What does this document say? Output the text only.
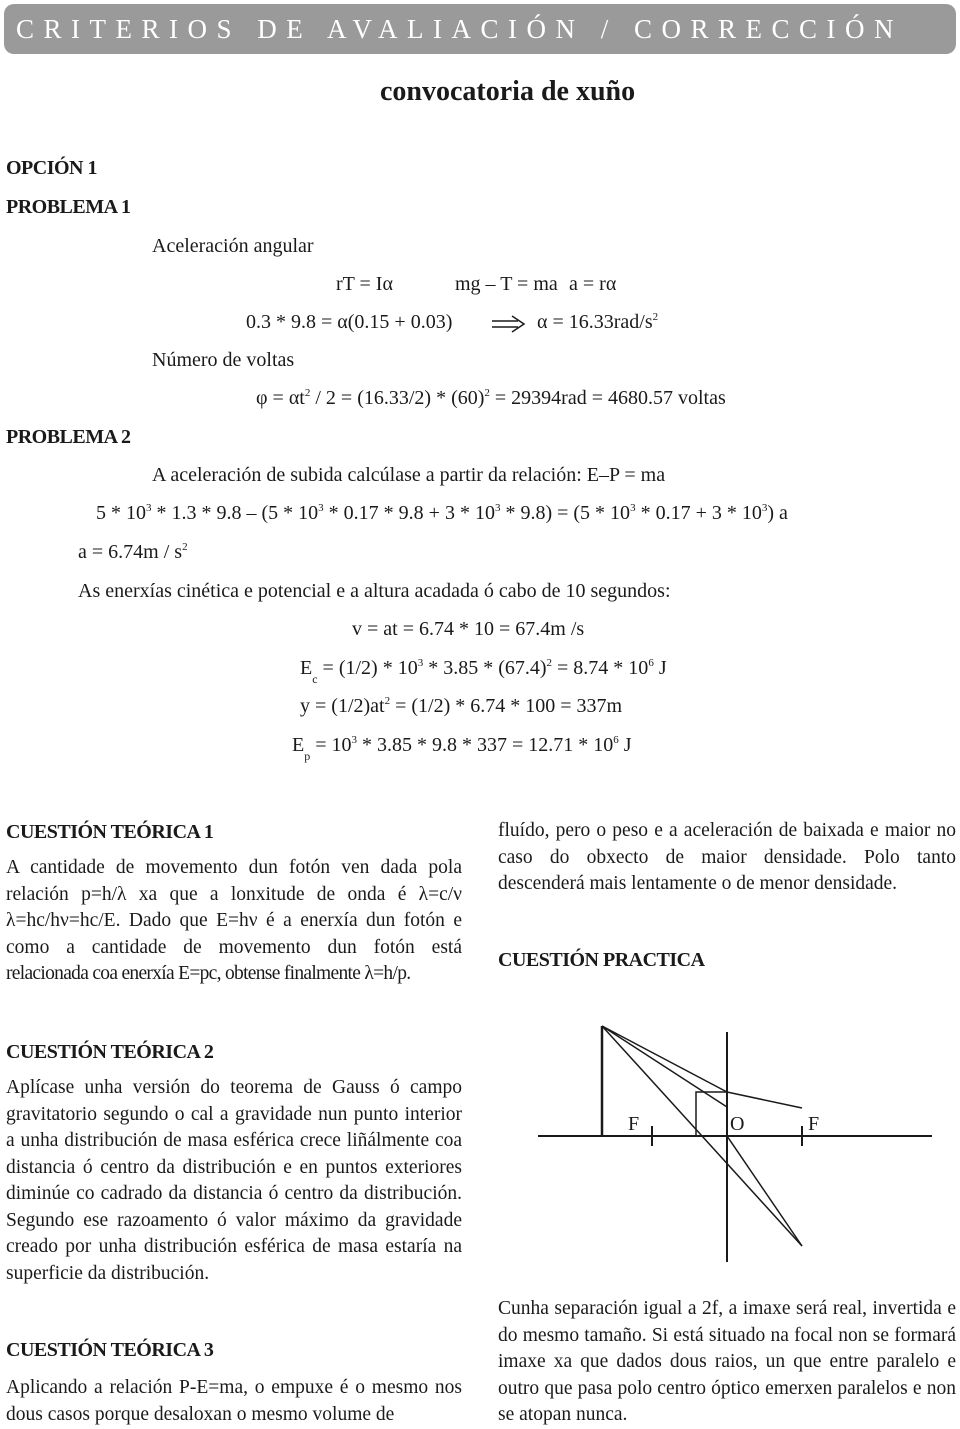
CRITERIOS DE AVALIACIÓN / CORRECCIÓN
convocatoria de xuño
OPCIÓN 1
PROBLEMA 1
Aceleración angular
rT = Iα	mg – T = ma a = rα
0.3 * 9.8 = α(0.15 + 0.03)	$\alpha = 16.33rad/s^2$
Número de voltas
$\varphi = \alpha t^2 / 2 = (16.33/2) * (60)^2 = 29394rad = 4680.57$ voltas
PROBLEMA 2
A aceleración de subida calcúlase a partir da relación: E–P = ma
$5 * 10^3 * 1.3 * 9.8 - (5 * 10^3 * 0.17 * 9.8 + 3 * 10^3 * 9.8) = (5 * 10^3 * 0.17 + 3 * 10^3)$ a
$a = 6.74m / s^2$
As enerxías cinética e potencial e a altura acadada ó cabo de 10 segundos:
v = at = 6.74 * 10 = 67.4m /s
$E_c = (1/2) * 10^3 * 3.85 * (67.4)^2 = 8.74 * 10^6$ J
$y = (1/2)at^2 = (1/2) * 6.74 * 100 = 337m$
$E_p = 10^3 * 3.85 * 9.8 * 337 = 12.71 * 10^6$ J
CUESTIÓN TEÓRICA 1
A cantidade de movemento dun fotón ven dada pola relación p=h/λ xa que a lonxitude de onda é λ=c/ν λ=hc/hν=hc/E. Dado que E=hν é a enerxía dun fotón e como a cantidade de movemento dun fotón está relacionada coa enerxía E=pc, obtense finalmente λ=h/p.
fluído, pero o peso e a aceleración de baixada e maior no caso do obxecto de maior densidade. Polo tanto descenderá mais lentamente o de menor densidade.
CUESTIÓN PRACTICA
CUESTIÓN TEÓRICA 2
Aplícase unha versión do teorema de Gauss ó campo gravitatorio segundo o cal a gravidade nun punto interior a unha distribución de masa esférica crece liñálmente coa distancia ó centro da distribución e en puntos exteriores diminúe co cadrado da distancia ó centro da distribución. Segundo ese razoamento ó valor máximo da gravidade creado por unha distribución esférica de masa estaría na superficie da distribución.
CUESTIÓN TEÓRICA 3
Aplicando a relación P-E=ma, o empuxe é o mesmo nos dous casos porque desaloxan o mesmo volume de
F	O	F
Cunha separación igual a 2f, a imaxe será real, invertida e do mesmo tamaño. Si está situado na focal non se formará imaxe xa que dados dous raios, un que entre paralelo e outro que pasa polo centro óptico emerxen paralelos e non se atopan nunca.
